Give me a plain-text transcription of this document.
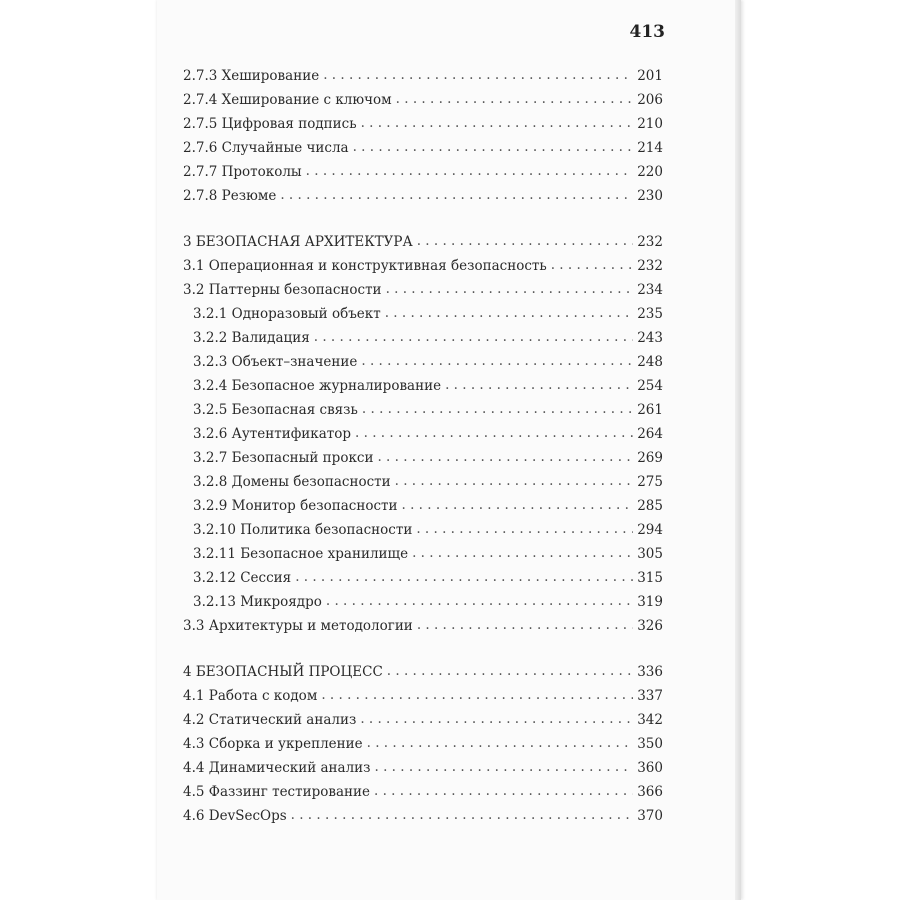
413
2.7.3 Хеширование . . .	201
2.7.4 Хеширование с ключом . . .	206
2.7.5 Цифровая подпись . . .	210
2.7.6 Случайные числа . . .	214
2.7.7 Протоколы . . .	220
2.7.8 Резюме . . .	230
3 БЕЗОПАСНАЯ АРХИТЕКТУРА . . .	232
3.1 Операционная и конструктивная безопасность . . .	232
3.2 Паттерны безопасности . . .	234
3.2.1 Одноразовый объект . . .	235
3.2.2 Валидация . . .	243
3.2.3 Объект–значение . . .	248
3.2.4 Безопасное журналирование . . .	254
3.2.5 Безопасная связь . . .	261
3.2.6 Аутентификатор . . .	264
3.2.7 Безопасный прокси . . .	269
3.2.8 Домены безопасности . . .	275
3.2.9 Монитор безопасности . . .	285
3.2.10 Политика безопасности . . .	294
3.2.11 Безопасное хранилище . . .	305
3.2.12 Сессия . . .	315
3.2.13 Микроядро . . .	319
3.3 Архитектуры и методологии . . .	326
4 БЕЗОПАСНЫЙ ПРОЦЕСС . . .	336
4.1 Работа с кодом . . .	337
4.2 Статический анализ . . .	342
4.3 Сборка и укрепление . . .	350
4.4 Динамический анализ . . .	360
4.5 Фаззинг тестирование . . .	366
4.6 DevSecOps . . .	370
